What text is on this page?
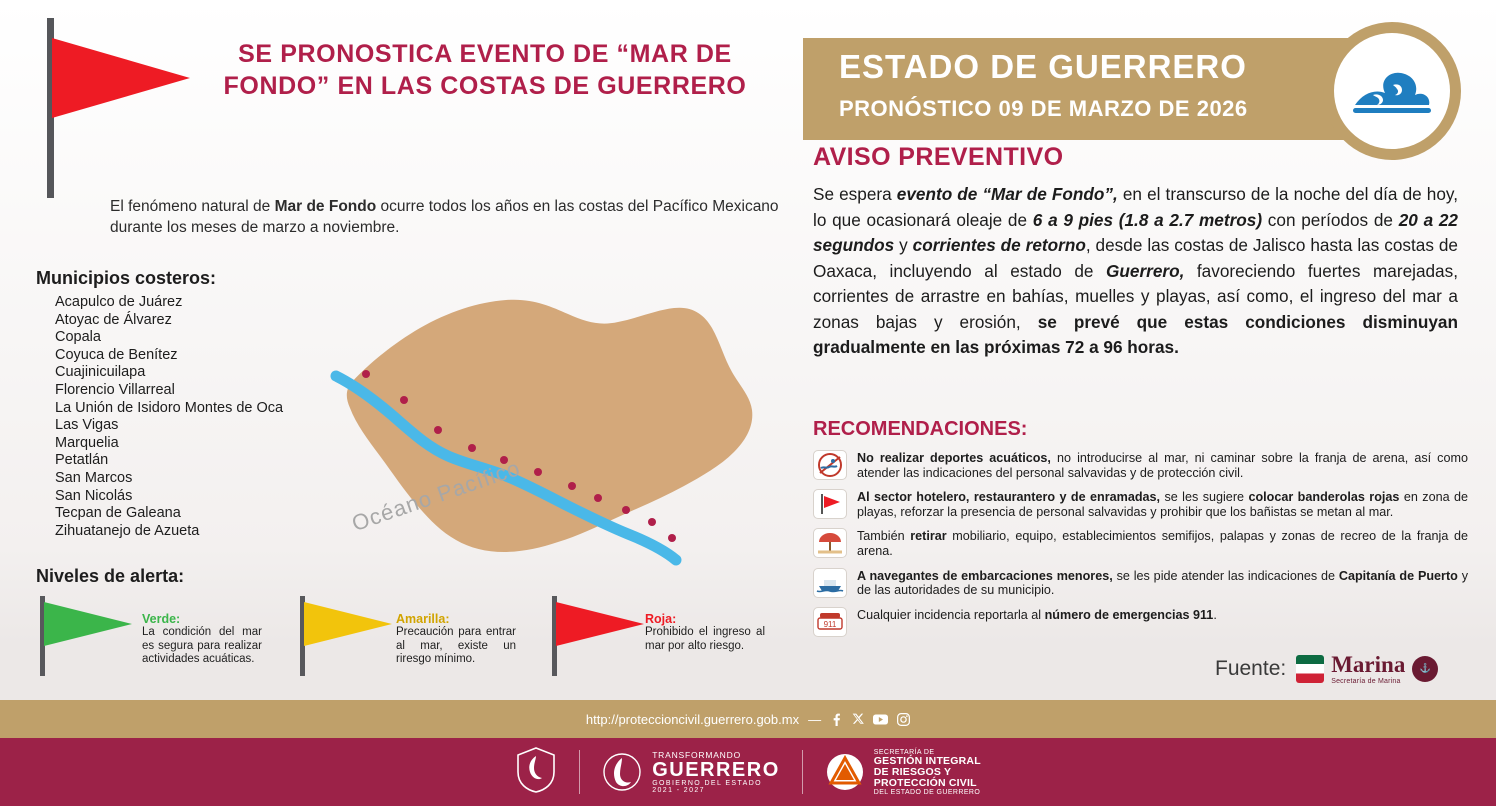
SE PRONOSTICA EVENTO DE “MAR DE FONDO” EN LAS COSTAS DE GUERRERO
El fenómeno natural de Mar de Fondo ocurre todos los años en las costas del Pacífico Mexicano durante los meses de marzo a noviembre.
Municipios costeros:
Acapulco de Juárez
Atoyac de Álvarez
Copala
Coyuca de Benítez
Cuajinicuilapa
Florencio Villarreal
La Unión de Isidoro Montes de Oca
Las Vigas
Marquelia
Petatlán
San Marcos
San Nicolás
Tecpan de Galeana
Zihuatanejo de Azueta
Niveles de alerta:
Verde:
La condición del mar es segura para realizar actividades acuáticas.
Amarilla:
Precaución para entrar al mar, existe un riresgo mínimo.
Roja:
Prohibido el ingreso al mar por alto riesgo.
Océano Pacífico
ESTADO DE GUERRERO
PRONÓSTICO 09 DE MARZO DE 2026
AVISO PREVENTIVO
Se espera evento de “Mar de Fondo”, en el transcurso de la noche del día de hoy, lo que ocasionará oleaje de 6 a 9 pies (1.8 a 2.7 metros) con períodos de 20 a 22 segundos y corrientes de retorno, desde las costas de Jalisco hasta las costas de Oaxaca, incluyendo al estado de Guerrero, favoreciendo fuertes marejadas, corrientes de arrastre en bahías, muelles y playas, así como, el ingreso del mar a zonas bajas y erosión, se prevé que estas condiciones disminuyan gradualmente en las próximas 72 a 96 horas.
RECOMENDACIONES:
No realizar deportes acuáticos, no introducirse al mar, ni caminar sobre la franja de arena, así como atender las indicaciones del personal salvavidas y de protección civil.
Al sector hotelero, restaurantero y de enramadas, se les sugiere colocar banderolas rojas en zona de playas, reforzar la presencia de personal salvavidas y prohibir que los bañistas se metan al mar.
También retirar mobiliario, equipo, establecimientos semifijos, palapas y zonas de recreo de la franja de arena.
A navegantes de embarcaciones menores, se les pide atender las indicaciones de Capitanía de Puerto y de las autoridades de su municipio.
911
Cualquier incidencia reportarla al número de emergencias 911.
Fuente: Marina
Secretaría de Marina
⚓
http://proteccioncivil.guerrero.gob.mx —
TRANSFORMANDO
GUERRERO
GOBIERNO DEL ESTADO
2021 - 2027
SECRETARÍA DE
GESTIÓN INTEGRAL
DE RIESGOS Y
PROTECCIÓN CIVIL
DEL ESTADO DE GUERRERO
